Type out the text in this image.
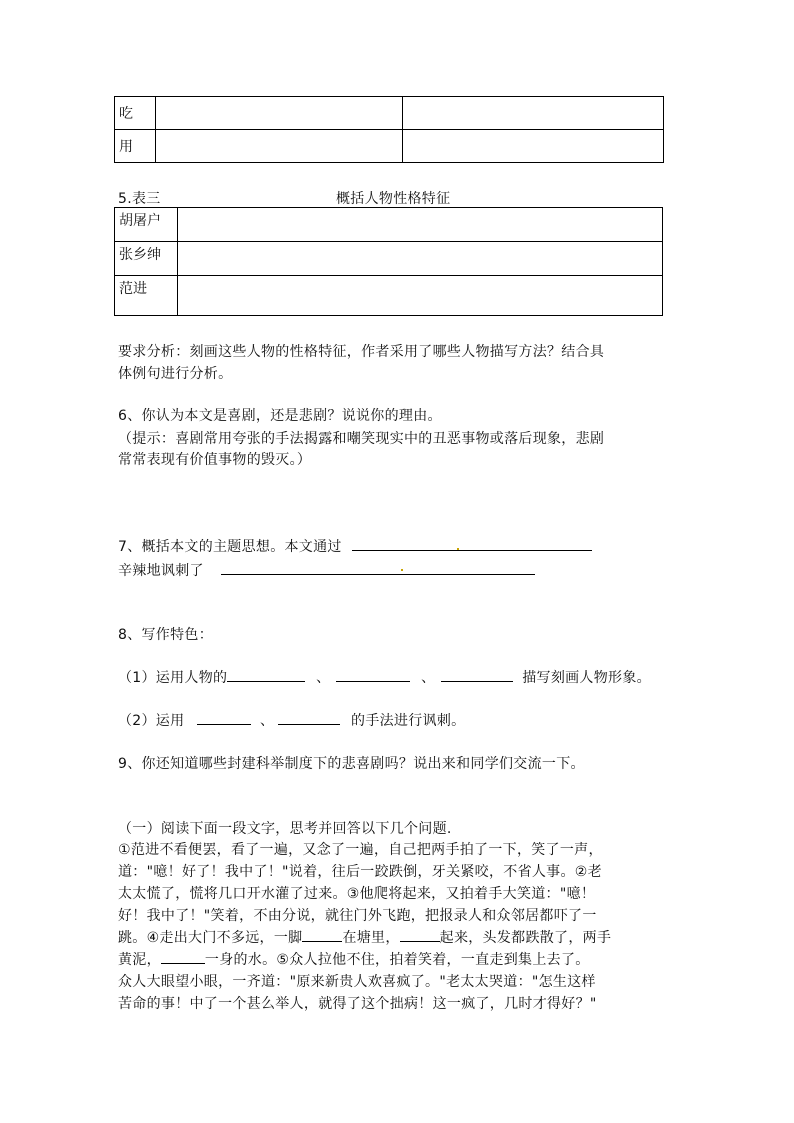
吃		
用		
5.表三	概括人物性格特征
胡屠户	
张乡绅	
范进	
要求分析：刻画这些人物的性格特征，作者采用了哪些人物描写方法？结合具
体例句进行分析。
6、你认为本文是喜剧，还是悲剧？说说你的理由。
（提示：喜剧常用夸张的手法揭露和嘲笑现实中的丑恶事物或落后现象，悲剧
常常表现有价值事物的毁灭。）
7、概括本文的主题思想。本文通过
辛辣地讽刺了
8、写作特色：
（1）运用人物的	、	、	描写刻画人物形象。
（2）运用	、	的手法进行讽刺。
9、你还知道哪些封建科举制度下的悲喜剧吗？说出来和同学们交流一下。
（一）阅读下面一段文字，思考并回答以下几个问题.
①范进不看便罢，看了一遍，又念了一遍，自己把两手拍了一下，笑了一声，
道："噫！好了！我中了！"说着，往后一跤跌倒，牙关紧咬，不省人事。②老
太太慌了，慌将几口开水灌了过来。③他爬将起来，又拍着手大笑道："噫！
好！我中了！"笑着，不由分说，就往门外飞跑，把报录人和众邻居都吓了一
跳。④走出大门不多远，一脚	在塘里，	起来，头发都跌散了，两手
黄泥，	一身的水。⑤众人拉他不住，拍着笑着，一直走到集上去了。
众人大眼望小眼，一齐道："原来新贵人欢喜疯了。"老太太哭道："怎生这样
苦命的事！中了一个甚么举人，就得了这个拙病！这一疯了，几时才得好？"
